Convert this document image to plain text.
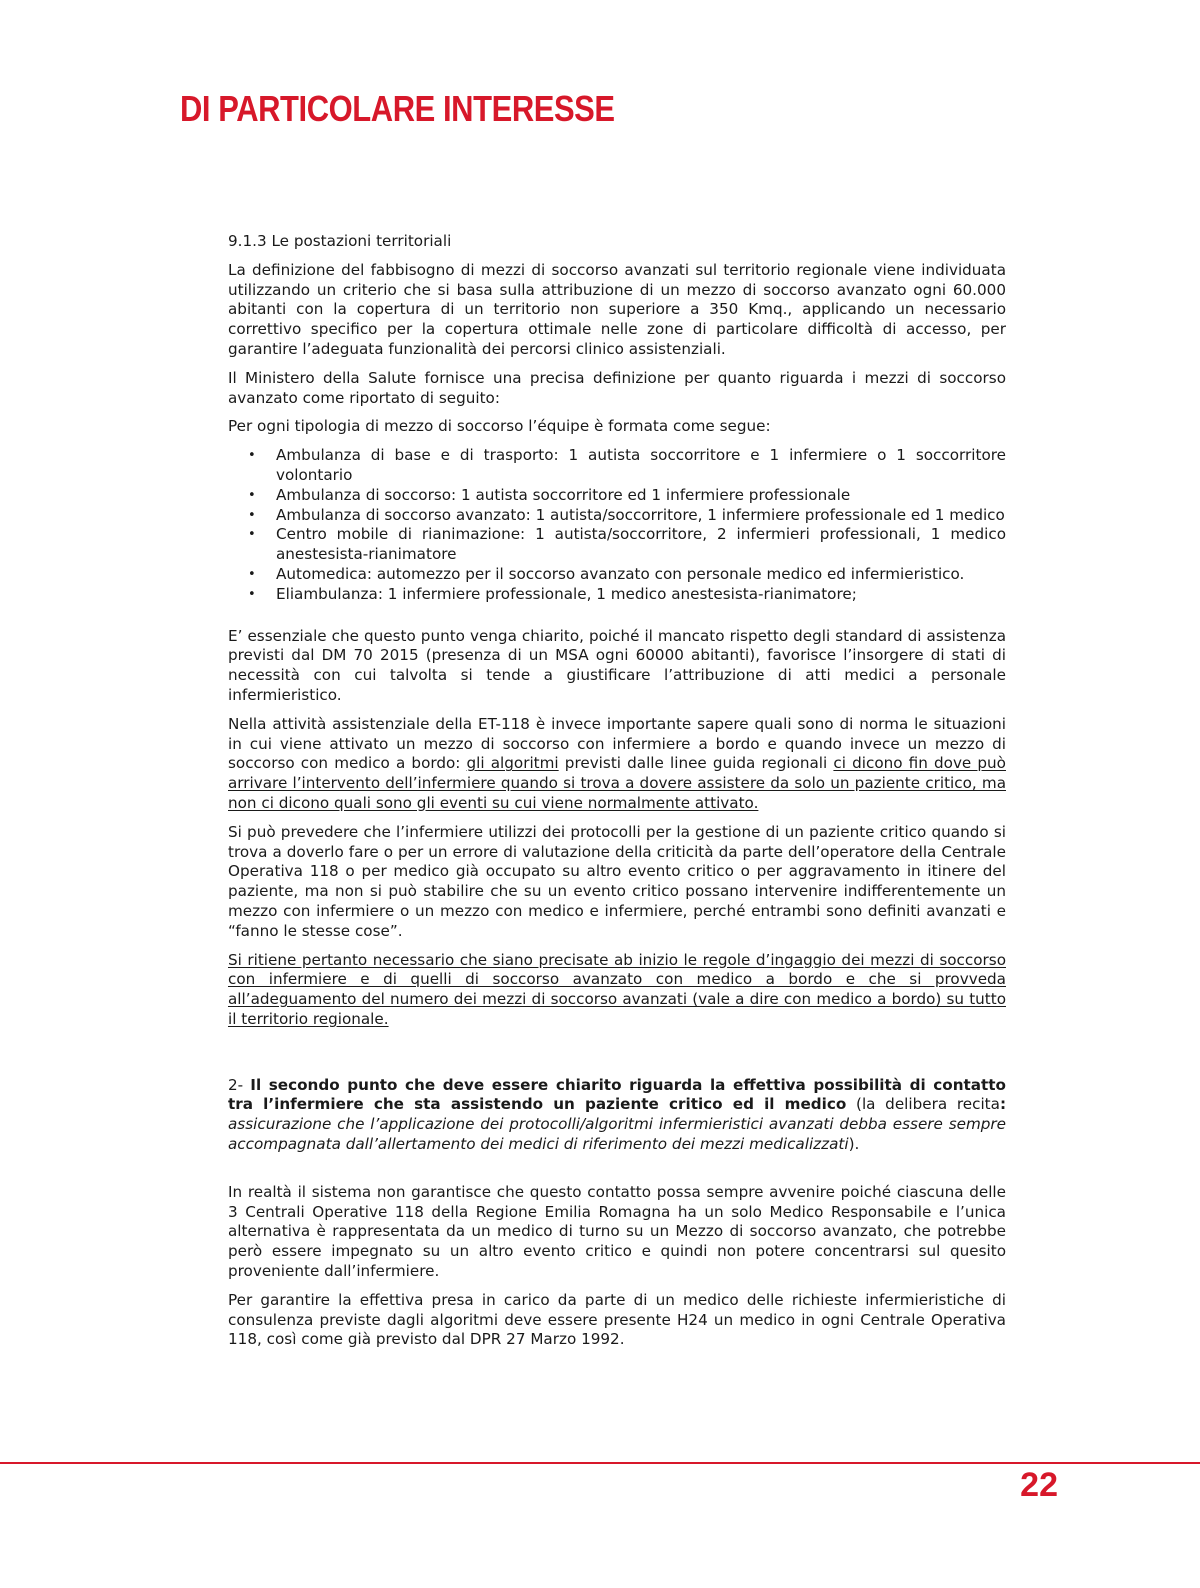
DI PARTICOLARE INTERESSE

9.1.3 Le postazioni territoriali

La definizione del fabbisogno di mezzi di soccorso avanzati sul territorio regionale viene individuata utilizzando un criterio che si basa sulla attribuzione di un mezzo di soccorso avanzato ogni 60.000 abitanti con la copertura di un territorio non superiore a 350 Kmq., applicando un necessario correttivo specifico per la copertura ottimale nelle zone di particolare difficoltà di accesso, per garantire l’adeguata funzionalità dei percorsi clinico assistenziali.

Il Ministero della Salute fornisce una precisa definizione per quanto riguarda i mezzi di soccorso avanzato come riportato di seguito:

Per ogni tipologia di mezzo di soccorso l’équipe è formata come segue:

• Ambulanza di base e di trasporto: 1 autista soccorritore e 1 infermiere o 1 soccorritore volontario
• Ambulanza di soccorso: 1 autista soccorritore ed 1 infermiere professionale
• Ambulanza di soccorso avanzato: 1 autista/soccorritore, 1 infermiere professionale ed 1 medico
• Centro mobile di rianimazione: 1 autista/soccorritore, 2 infermieri professionali, 1 medico anestesista-rianimatore
• Automedica: automezzo per il soccorso avanzato con personale medico ed infermieristico.
• Eliambulanza: 1 infermiere professionale, 1 medico anestesista-rianimatore;

E’ essenziale che questo punto venga chiarito, poiché il mancato rispetto degli standard di assistenza previsti dal DM 70 2015 (presenza di un MSA ogni 60000 abitanti), favorisce l’insorgere di stati di necessità con cui talvolta si tende a giustificare l’attribuzione di atti medici a personale infermieristico.

Nella attività assistenziale della ET-118 è invece importante sapere quali sono di norma le situazioni in cui viene attivato un mezzo di soccorso con infermiere a bordo e quando invece un mezzo di soccorso con medico a bordo: gli algoritmi previsti dalle linee guida regionali ci dicono fin dove può arrivare l’intervento dell’infermiere quando si trova a dovere assistere da solo un paziente critico, ma non ci dicono quali sono gli eventi su cui viene normalmente attivato.

Si può prevedere che l’infermiere utilizzi dei protocolli per la gestione di un paziente critico quando si trova a doverlo fare o per un errore di valutazione della criticità da parte dell’operatore della Centrale Operativa 118 o per medico già occupato su altro evento critico o per aggravamento in itinere del paziente, ma non si può stabilire che su un evento critico possano intervenire indifferentemente un mezzo con infermiere o un mezzo con medico e infermiere, perché entrambi sono definiti avanzati e “fanno le stesse cose”.

Si ritiene pertanto necessario che siano precisate ab inizio le regole d’ingaggio dei mezzi di soccorso con infermiere e di quelli di soccorso avanzato con medico a bordo e che si provveda all’adeguamento del numero dei mezzi di soccorso avanzati (vale a dire con medico a bordo) su tutto il territorio regionale.

2- Il secondo punto che deve essere chiarito riguarda la effettiva possibilità di contatto tra l’infermiere che sta assistendo un paziente critico ed il medico (la delibera recita: assicurazione che l’applicazione dei protocolli/algoritmi infermieristici avanzati debba essere sempre accompagnata dall’allertamento dei medici di riferimento dei mezzi medicalizzati).

In realtà il sistema non garantisce che questo contatto possa sempre avvenire poiché ciascuna delle 3 Centrali Operative 118 della Regione Emilia Romagna ha un solo Medico Responsabile e l’unica alternativa è rappresentata da un medico di turno su un Mezzo di soccorso avanzato, che potrebbe però essere impegnato su un altro evento critico e quindi non potere concentrarsi sul quesito proveniente dall’infermiere.

Per garantire la effettiva presa in carico da parte di un medico delle richieste infermieristiche di consulenza previste dagli algoritmi deve essere presente H24 un medico in ogni Centrale Operativa 118, così come già previsto dal DPR 27 Marzo 1992.

22
